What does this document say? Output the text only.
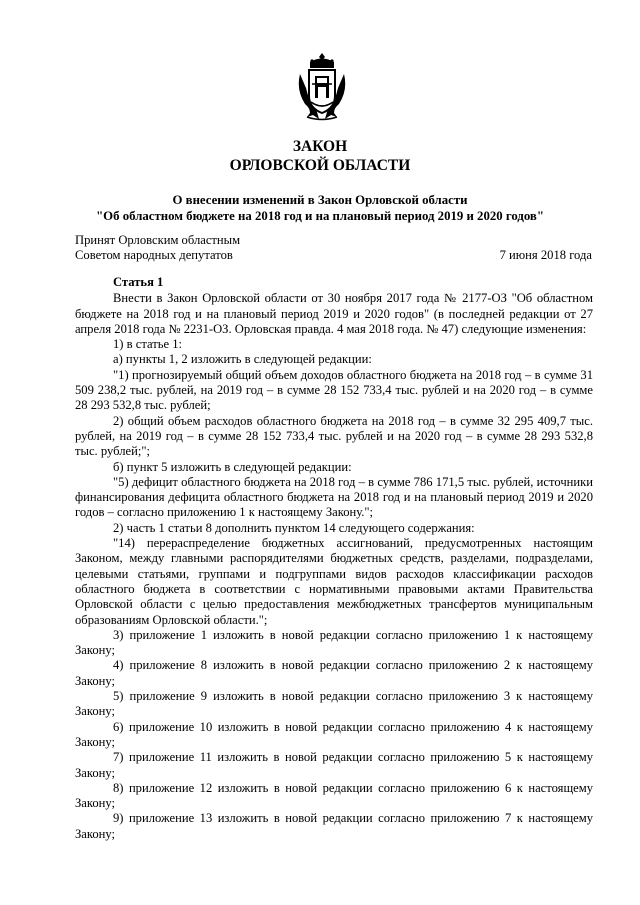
ЗАКОН
ОРЛОВСКОЙ ОБЛАСТИ
О внесении изменений в Закон Орловской области
"Об областном бюджете на 2018 год и на плановый период 2019 и 2020 годов"
Принят Орловским областным
Советом народных депутатов	7 июня 2018 года

Статья 1

Внести в Закон Орловской области от 30 ноября 2017 года № 2177-ОЗ "Об областном бюджете на 2018 год и на плановый период 2019 и 2020 годов" (в последней редакции от 27 апреля 2018 года № 2231-ОЗ. Орловская правда. 4 мая 2018 года. № 47) следующие изменения:

1) в статье 1:

а) пункты 1, 2 изложить в следующей редакции:

"1) прогнозируемый общий объем доходов областного бюджета на 2018 год – в сумме 31 509 238,2 тыс. рублей, на 2019 год – в сумме 28 152 733,4 тыс. рублей и на 2020 год – в сумме 28 293 532,8 тыс. рублей;

2) общий объем расходов областного бюджета на 2018 год – в сумме 32 295 409,7 тыс. рублей, на 2019 год – в сумме 28 152 733,4 тыс. рублей и на 2020 год – в сумме 28 293 532,8 тыс. рублей;";

б) пункт 5 изложить в следующей редакции:

"5) дефицит областного бюджета на 2018 год – в сумме 786 171,5 тыс. рублей, источники финансирования дефицита областного бюджета на 2018 год и на плановый период 2019 и 2020 годов – согласно приложению 1 к настоящему Закону.";

2) часть 1 статьи 8 дополнить пунктом 14 следующего содержания:

"14) перераспределение бюджетных ассигнований, предусмотренных настоящим Законом, между главными распорядителями бюджетных средств, разделами, подразделами, целевыми статьями, группами и подгруппами видов расходов классификации расходов областного бюджета в соответствии с нормативными правовыми актами Правительства Орловской области с целью предоставления межбюджетных трансфертов муниципальным образованиям Орловской области.";

3) приложение 1 изложить в новой редакции согласно приложению 1 к настоящему Закону;

4) приложение 8 изложить в новой редакции согласно приложению 2 к настоящему Закону;

5) приложение 9 изложить в новой редакции согласно приложению 3 к настоящему Закону;

6) приложение 10 изложить в новой редакции согласно приложению 4 к настоящему Закону;

7) приложение 11 изложить в новой редакции согласно приложению 5 к настоящему Закону;

8) приложение 12 изложить в новой редакции согласно приложению 6 к настоящему Закону;

9) приложение 13 изложить в новой редакции согласно приложению 7 к настоящему Закону;
